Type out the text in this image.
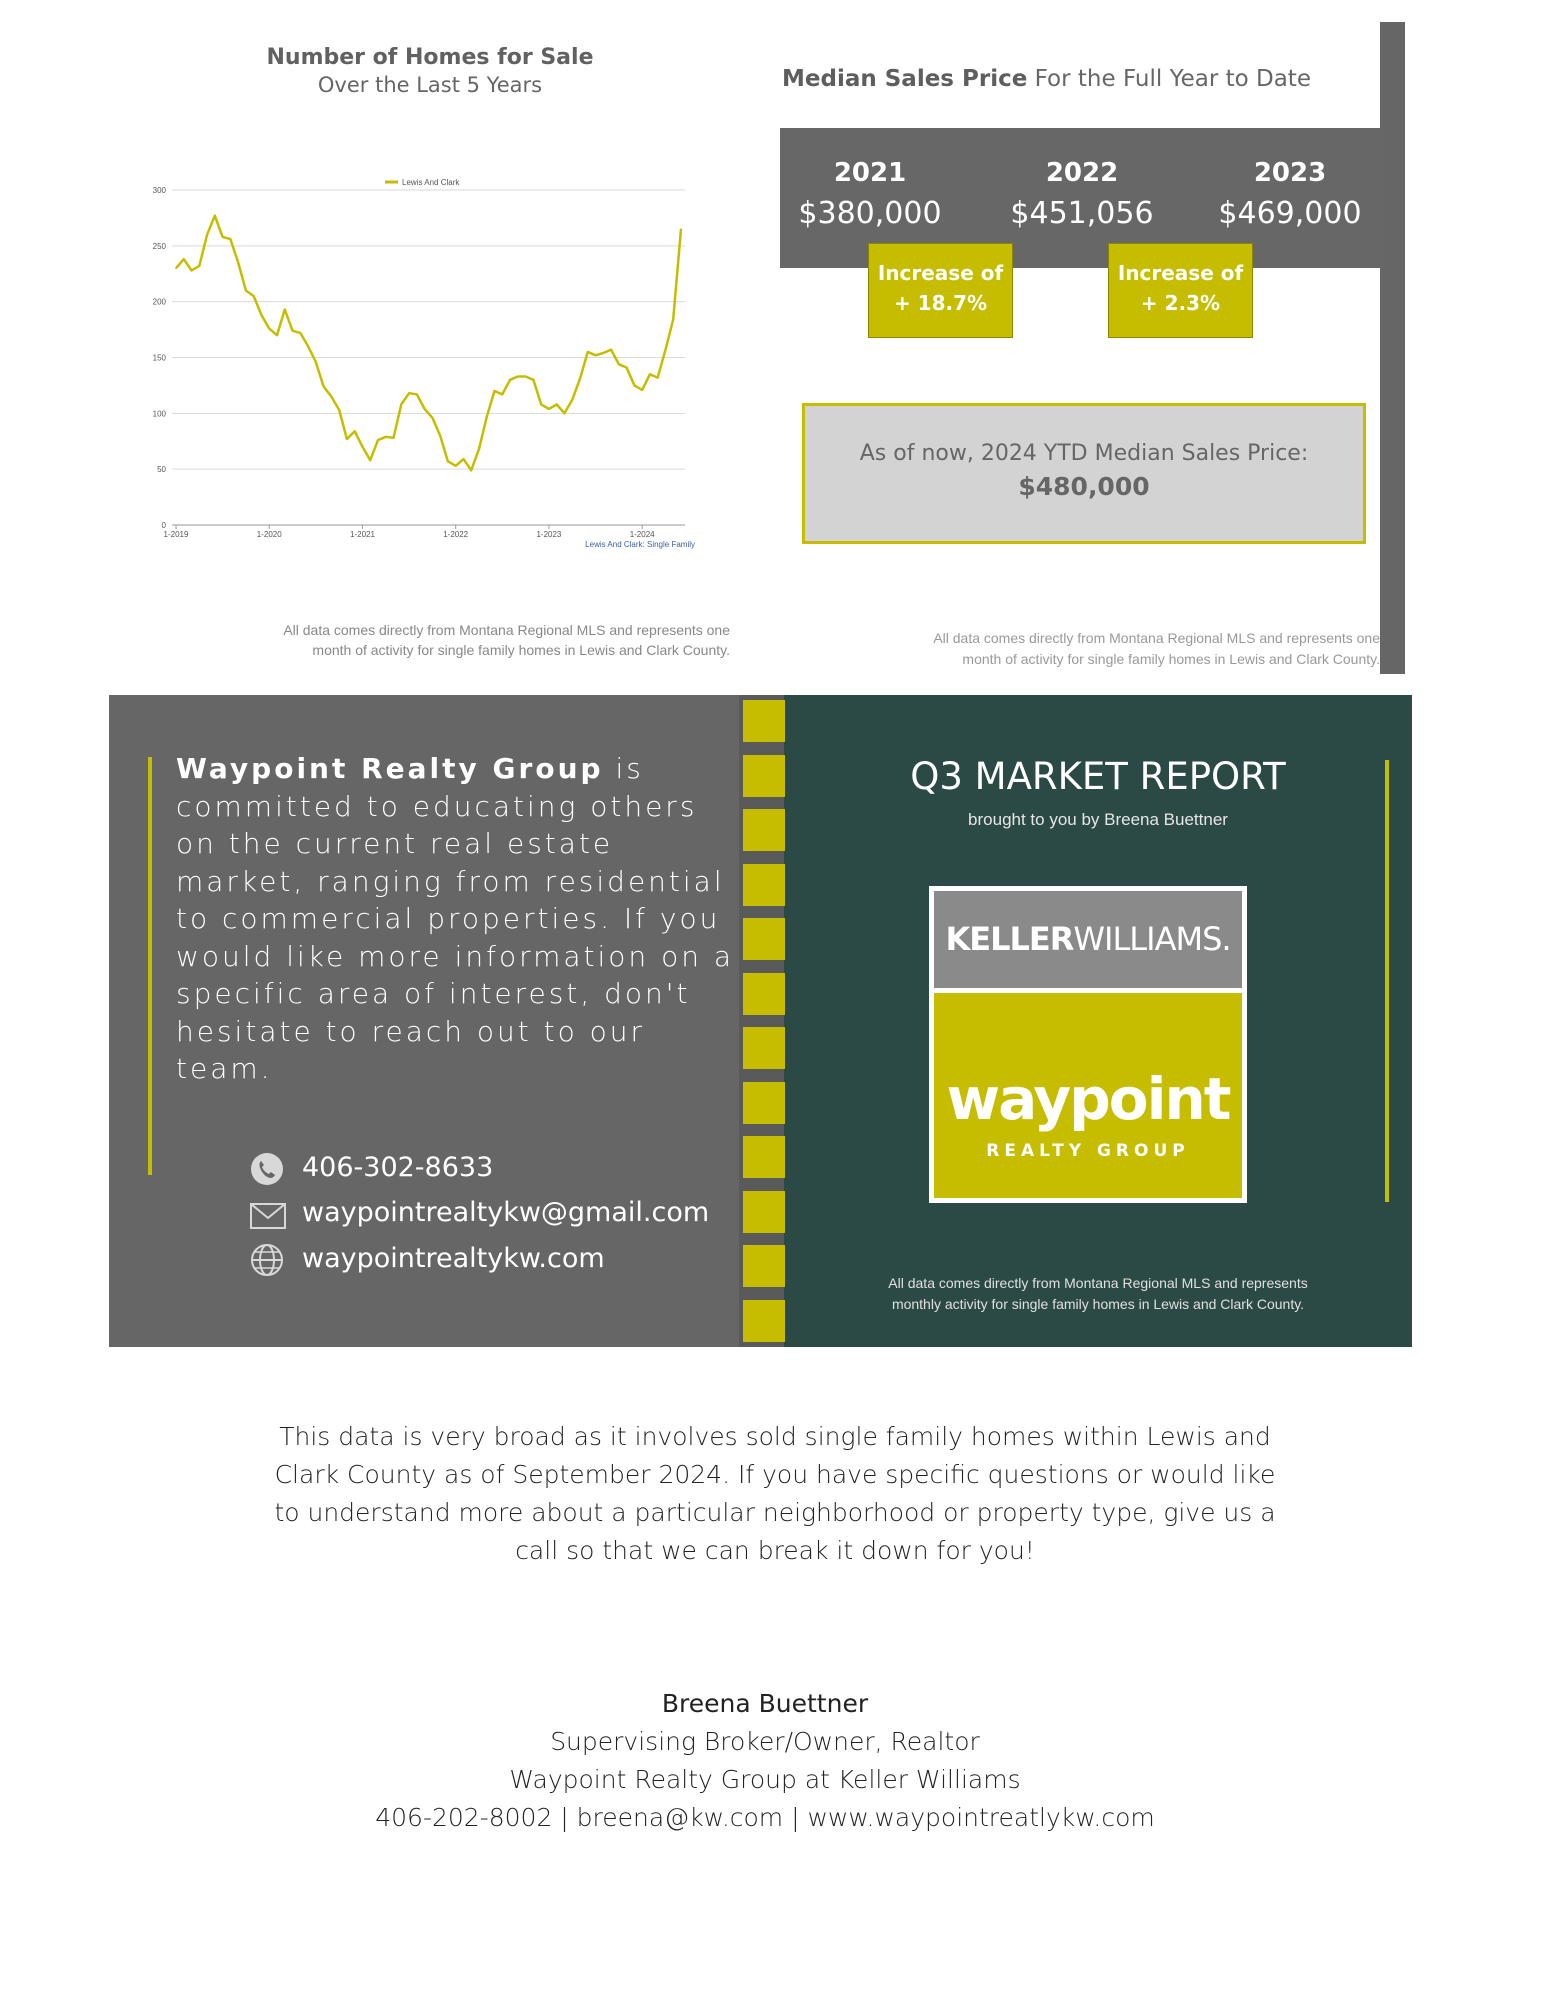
Number of Homes for Sale
Over the Last 5 Years
0
50
100
150
200
250
300
1-2019	1-2020	1-2021	1-2022	1-2023	1-2024
Lewis And Clark
Lewis And Clark: Single Family
All data comes directly from Montana Regional MLS and represents one
month of activity for single family homes in Lewis and Clark County.
Median Sales Price For the Full Year to Date
2021
$380,000
2022
$451,056
2023
$469,000
Increase of
+ 18.7%
Increase of
+ 2.3%
As of now, 2024 YTD Median Sales Price:
$480,000
All data comes directly from Montana Regional MLS and represents one
month of activity for single family homes in Lewis and Clark County.
Waypoint Realty Group is committed to educating others on the current real estate market, ranging from residential to commercial properties. If you would like more information on a specific area of interest, don't hesitate to reach out to our team.
406-302-8633
waypointrealtykw@gmail.com
waypointrealtykw.com
Q3 MARKET REPORT
brought to you by Breena Buettner
KELLERWILLIAMS.
waypoint
REALTY GROUP
All data comes directly from Montana Regional MLS and represents
monthly activity for single family homes in Lewis and Clark County.
This data is very broad as it involves sold single family homes within Lewis and Clark County as of September 2024. If you have specific questions or would like to understand more about a particular neighborhood or property type, give us a call so that we can break it down for you!
Breena Buettner
Supervising Broker/Owner, Realtor
Waypoint Realty Group at Keller Williams
406-202-8002 | breena@kw.com | www.waypointreatlykw.com
